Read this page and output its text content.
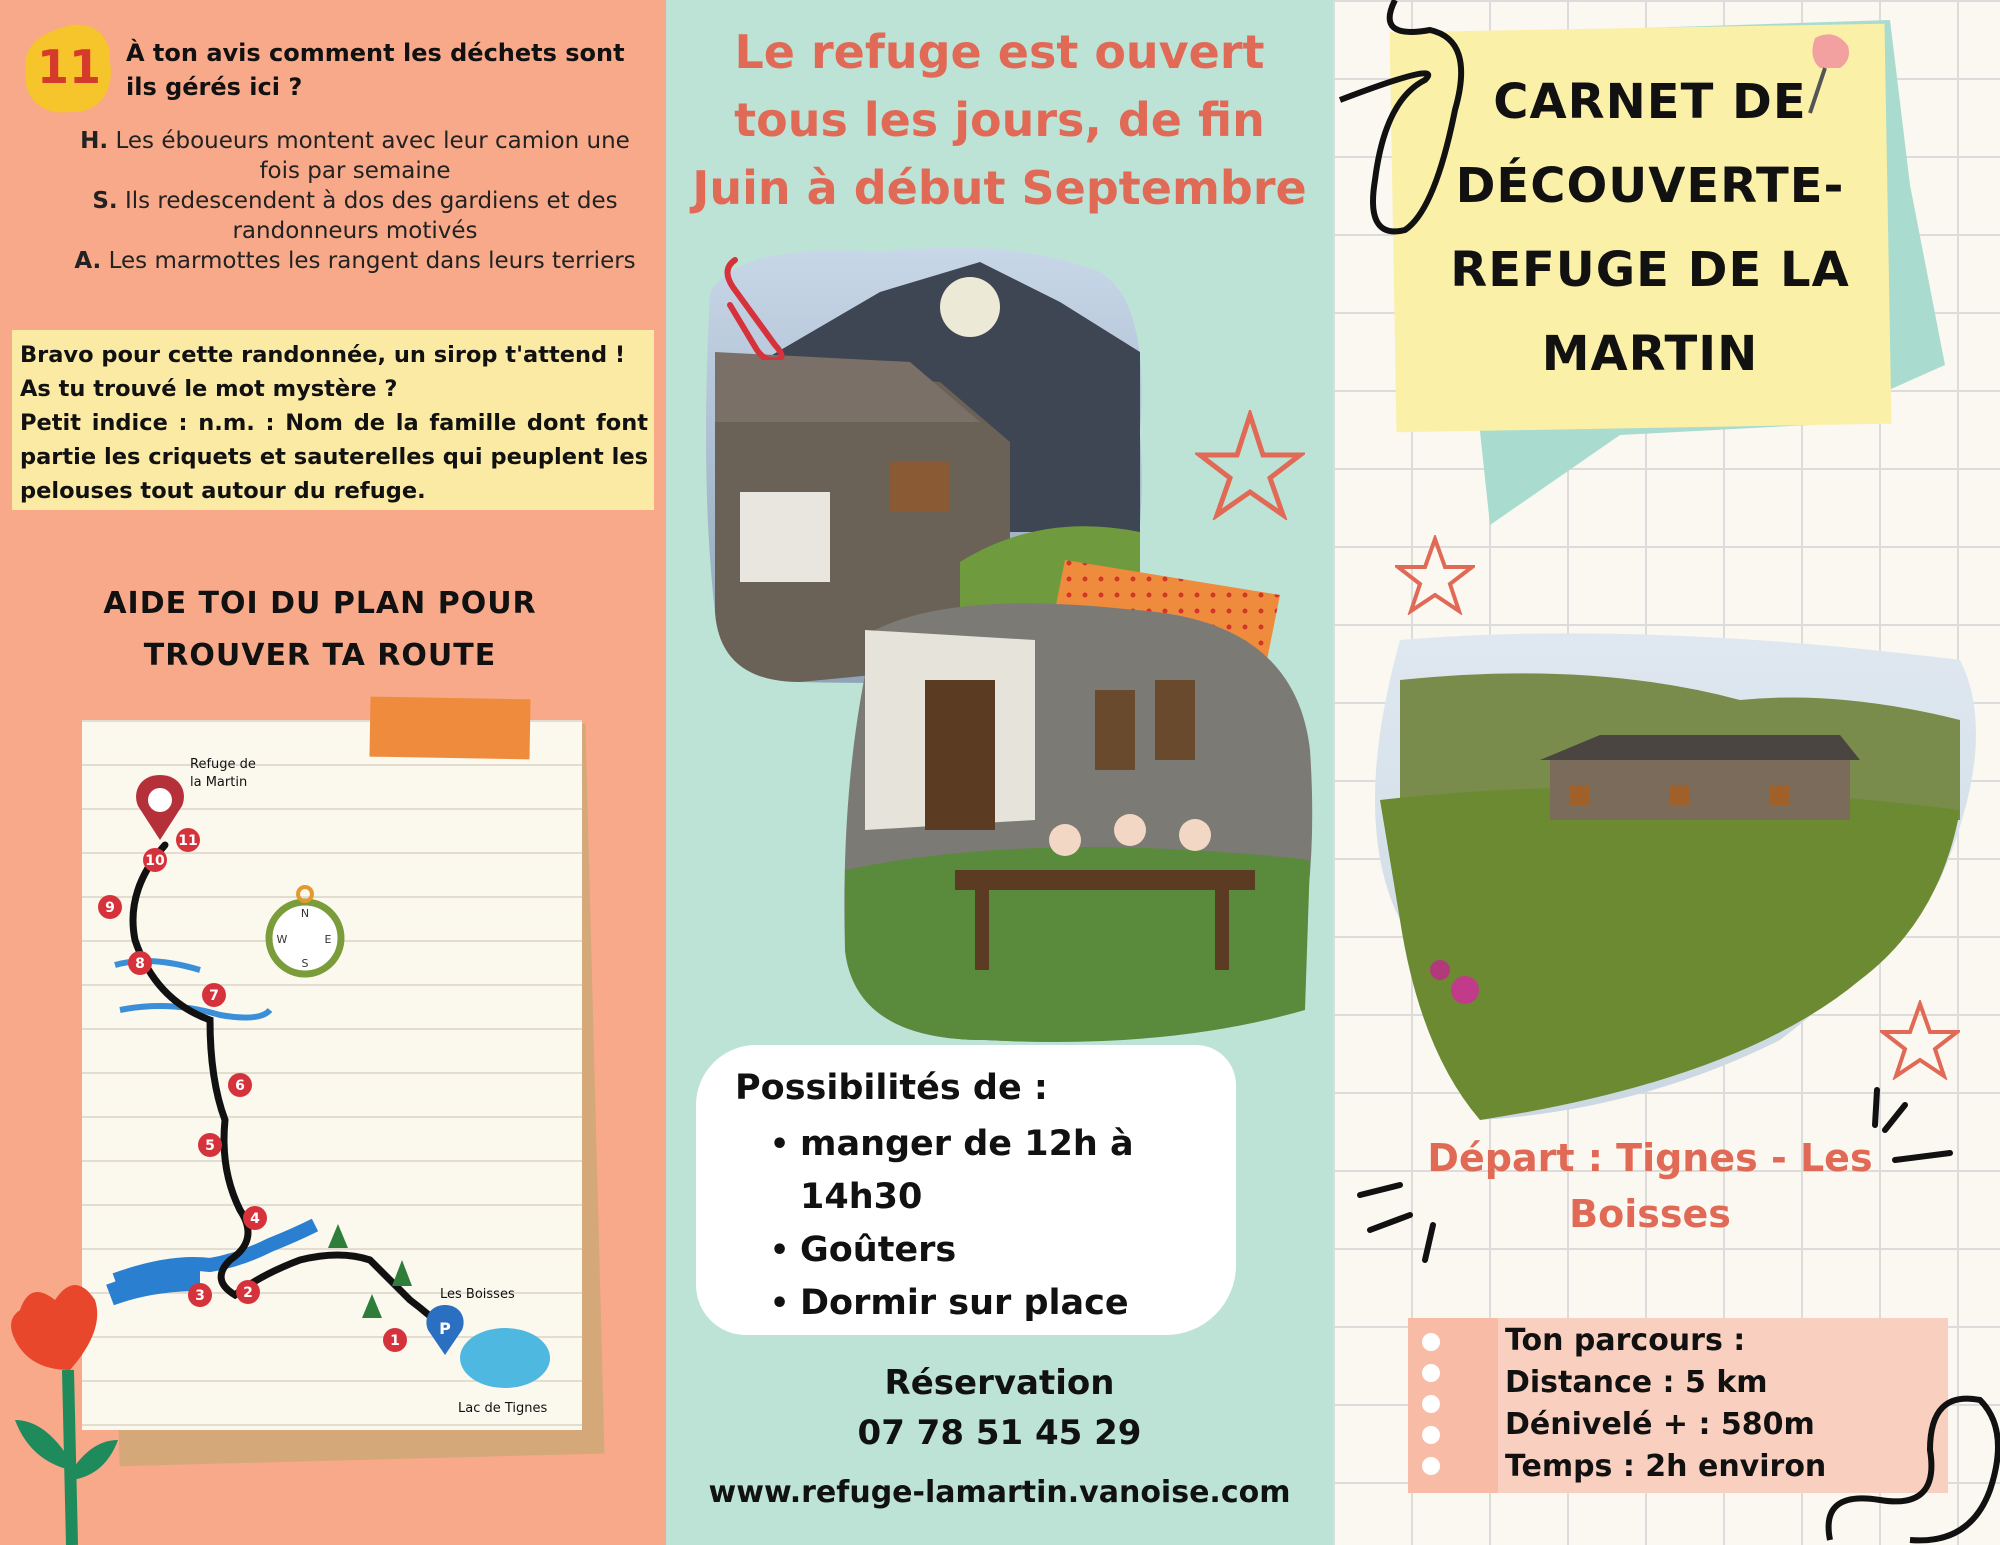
11 À ton avis comment les déchets sont ils gérés ici ?
H. Les éboueurs montent avec leur camion une fois par semaine
S. Ils redescendent à dos des gardiens et des randonneurs motivés
A. Les marmottes les rangent dans leurs terriers
Bravo pour cette randonnée, un sirop t'attend !
As tu trouvé le mot mystère ?
Petit indice : n.m. : Nom de la famille dont font partie les criquets et sauterelles qui peuplent les pelouses tout autour du refuge.
AIDE TOI DU PLAN POUR
TROUVER TA ROUTE
1
2
3
4
5
6
7
8
9
10
11
Refuge de
la Martin
Les Boisses
Lac de Tignes
P
N
E
S
W
Le refuge est ouvert
tous les jours, de fin
Juin à début Septembre
Possibilités de :
• manger de 12h à 14h30
• Goûters
• Dormir sur place
Réservation
07 78 51 45 29
www.refuge-lamartin.vanoise.com
CARNET DE
DÉCOUVERTE-
REFUGE DE LA
MARTIN
Départ : Tignes - Les
Boisses
Ton parcours :
Distance : 5 km
Dénivelé + : 580m
Temps : 2h environ
